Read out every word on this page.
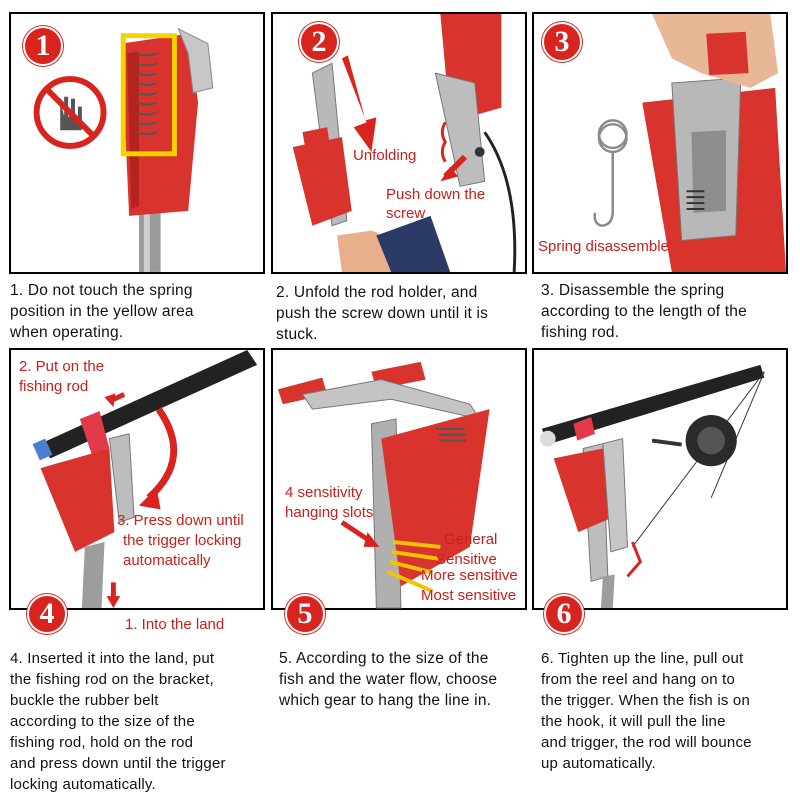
1	2
Unfolding
Push down the
screw
3
Spring disassemble
4
2. Put on the
fishing rod
3. Press down until
the trigger locking
automatically
1. Into the land	5
4 sensitivity
hanging slots
General
Sensitive
More sensitive
Most sensitive
6
1. Do not touch the spring
position in the yellow area
when operating.
2. Unfold the rod holder, and
push the screw down until it is
stuck.
3. Disassemble the spring
according to the length of the
fishing rod.
4. Inserted it into the land, put
the fishing rod on the bracket,
buckle the rubber belt
according to the size of the
fishing rod, hold on the rod
and press down until the trigger
locking automatically.
5. According to the size of the
fish and the water flow, choose
which gear to hang the line in.
6. Tighten up the line, pull out
from the reel and hang on to
the trigger. When the fish is on
the hook, it will pull the line
and trigger, the rod will bounce
up automatically.
